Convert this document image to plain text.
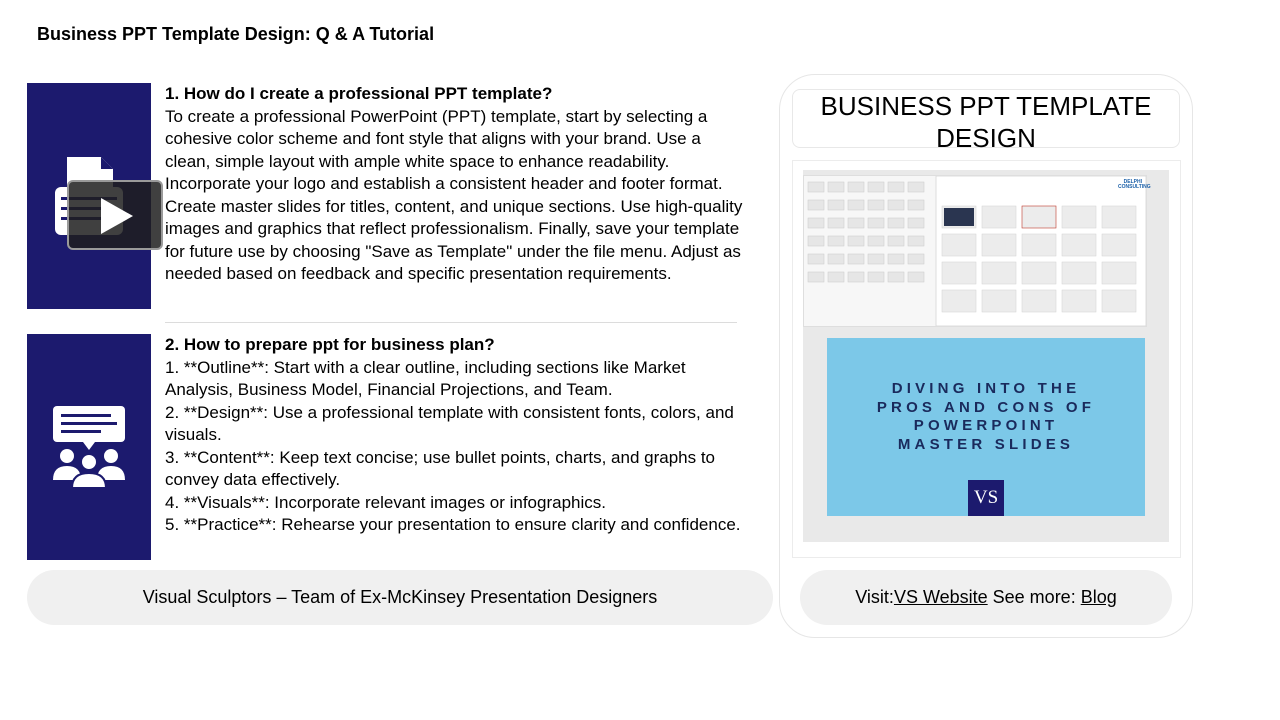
Business PPT Template Design: Q & A Tutorial
1. How do I create a professional PPT template?
To create a professional PowerPoint (PPT) template, start by selecting a cohesive color scheme and font style that aligns with your brand. Use a clean, simple layout with ample white space to enhance readability. Incorporate your logo and establish a consistent header and footer format. Create master slides for titles, content, and unique sections. Use high-quality images and graphics that reflect professionalism. Finally, save your template for future use by choosing "Save as Template" under the file menu. Adjust as needed based on feedback and specific presentation requirements.
2. How to prepare ppt for business plan?
1. **Outline**: Start with a clear outline, including sections like Market Analysis, Business Model, Financial Projections, and Team.
2. **Design**: Use a professional template with consistent fonts, colors, and visuals.
3. **Content**: Keep text concise; use bullet points, charts, and graphs to convey data effectively.
4. **Visuals**: Incorporate relevant images or infographics.
5. **Practice**: Rehearse your presentation to ensure clarity and confidence.
Visual Sculptors – Team of Ex-McKinsey Presentation Designers
BUSINESS PPT TEMPLATE DESIGN
DELPHI CONSULTING
DIVING INTO THE
PROS AND CONS OF
POWERPOINT
MASTER SLIDES
VS
Visit: VS Website See more: Blog
